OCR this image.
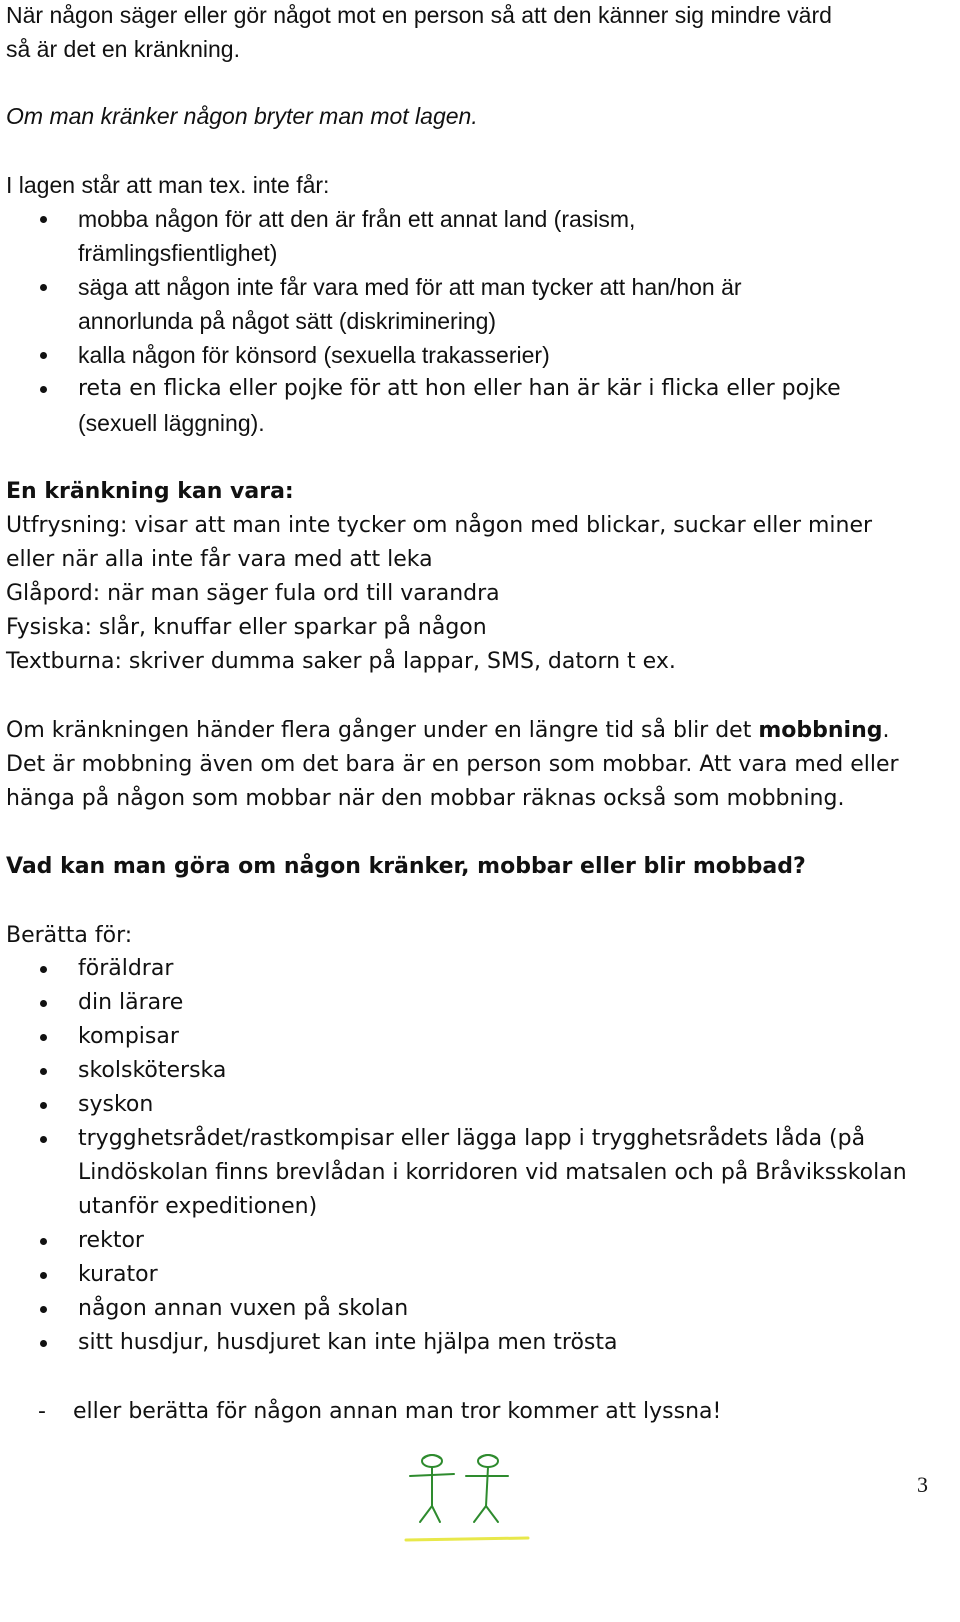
När någon säger eller gör något mot en person så att den känner sig mindre värd
så är det en kränkning.
Om man kränker någon bryter man mot lagen.
I lagen står att man tex. inte får:
mobba någon för att den är från ett annat land (rasism,
främlingsfientlighet)
säga att någon inte får vara med för att man tycker att han/hon är
annorlunda på något sätt (diskriminering)
kalla någon för könsord (sexuella trakasserier)
reta en flicka eller pojke för att hon eller han är kär i flicka eller pojke
(sexuell läggning).
En kränkning kan vara:
Utfrysning: visar att man inte tycker om någon med blickar, suckar eller miner
eller när alla inte får vara med att leka
Glåpord: när man säger fula ord till varandra
Fysiska: slår, knuffar eller sparkar på någon
Textburna: skriver dumma saker på lappar, SMS, datorn t ex.
Om kränkningen händer flera gånger under en längre tid så blir det mobbning.
Det är mobbning även om det bara är en person som mobbar. Att vara med eller
hänga på någon som mobbar när den mobbar räknas också som mobbning.
Vad kan man göra om någon kränker, mobbar eller blir mobbad?
Berätta för:
föräldrar
din lärare
kompisar
skolsköterska
syskon
trygghetsrådet/rastkompisar eller lägga lapp i trygghetsrådets låda (på
Lindöskolan finns brevlådan i korridoren vid matsalen och på Bråviksskolan
utanför expeditionen)
rektor
kurator
någon annan vuxen på skolan
sitt husdjur, husdjuret kan inte hjälpa men trösta
- eller berätta för någon annan man tror kommer att lyssna!
3
